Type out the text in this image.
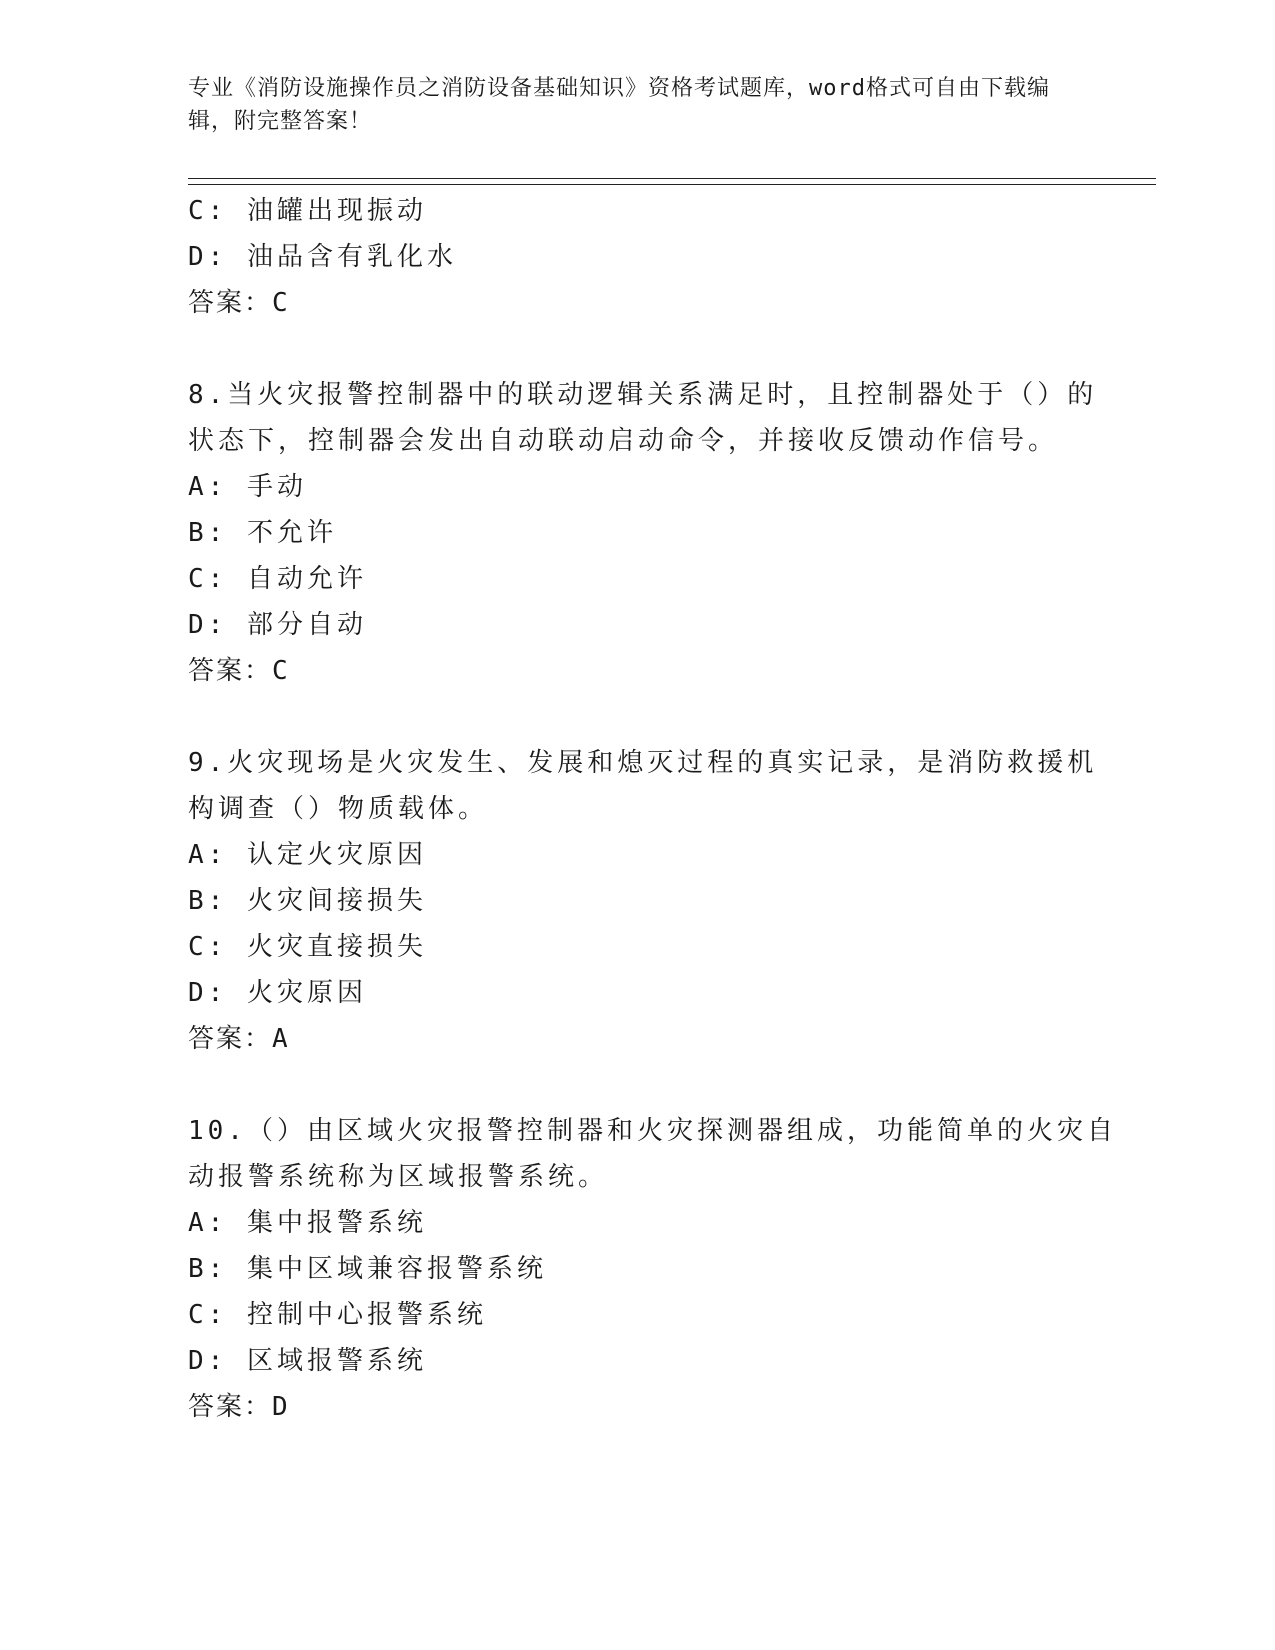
专业《消防设施操作员之消防设备基础知识》资格考试题库，word格式可自由下载编辑，附完整答案！
C: 油罐出现振动
D: 油品含有乳化水
答案：C
8.当火灾报警控制器中的联动逻辑关系满足时，且控制器处于（）的
状态下，控制器会发出自动联动启动命令，并接收反馈动作信号。
A: 手动
B: 不允许
C: 自动允许
D: 部分自动
答案：C
9.火灾现场是火灾发生、发展和熄灭过程的真实记录，是消防救援机
构调查（）物质载体。
A: 认定火灾原因
B: 火灾间接损失
C: 火灾直接损失
D: 火灾原因
答案：A
10.（）由区域火灾报警控制器和火灾探测器组成，功能简单的火灾自
动报警系统称为区域报警系统。
A: 集中报警系统
B: 集中区域兼容报警系统
C: 控制中心报警系统
D: 区域报警系统
答案：D
